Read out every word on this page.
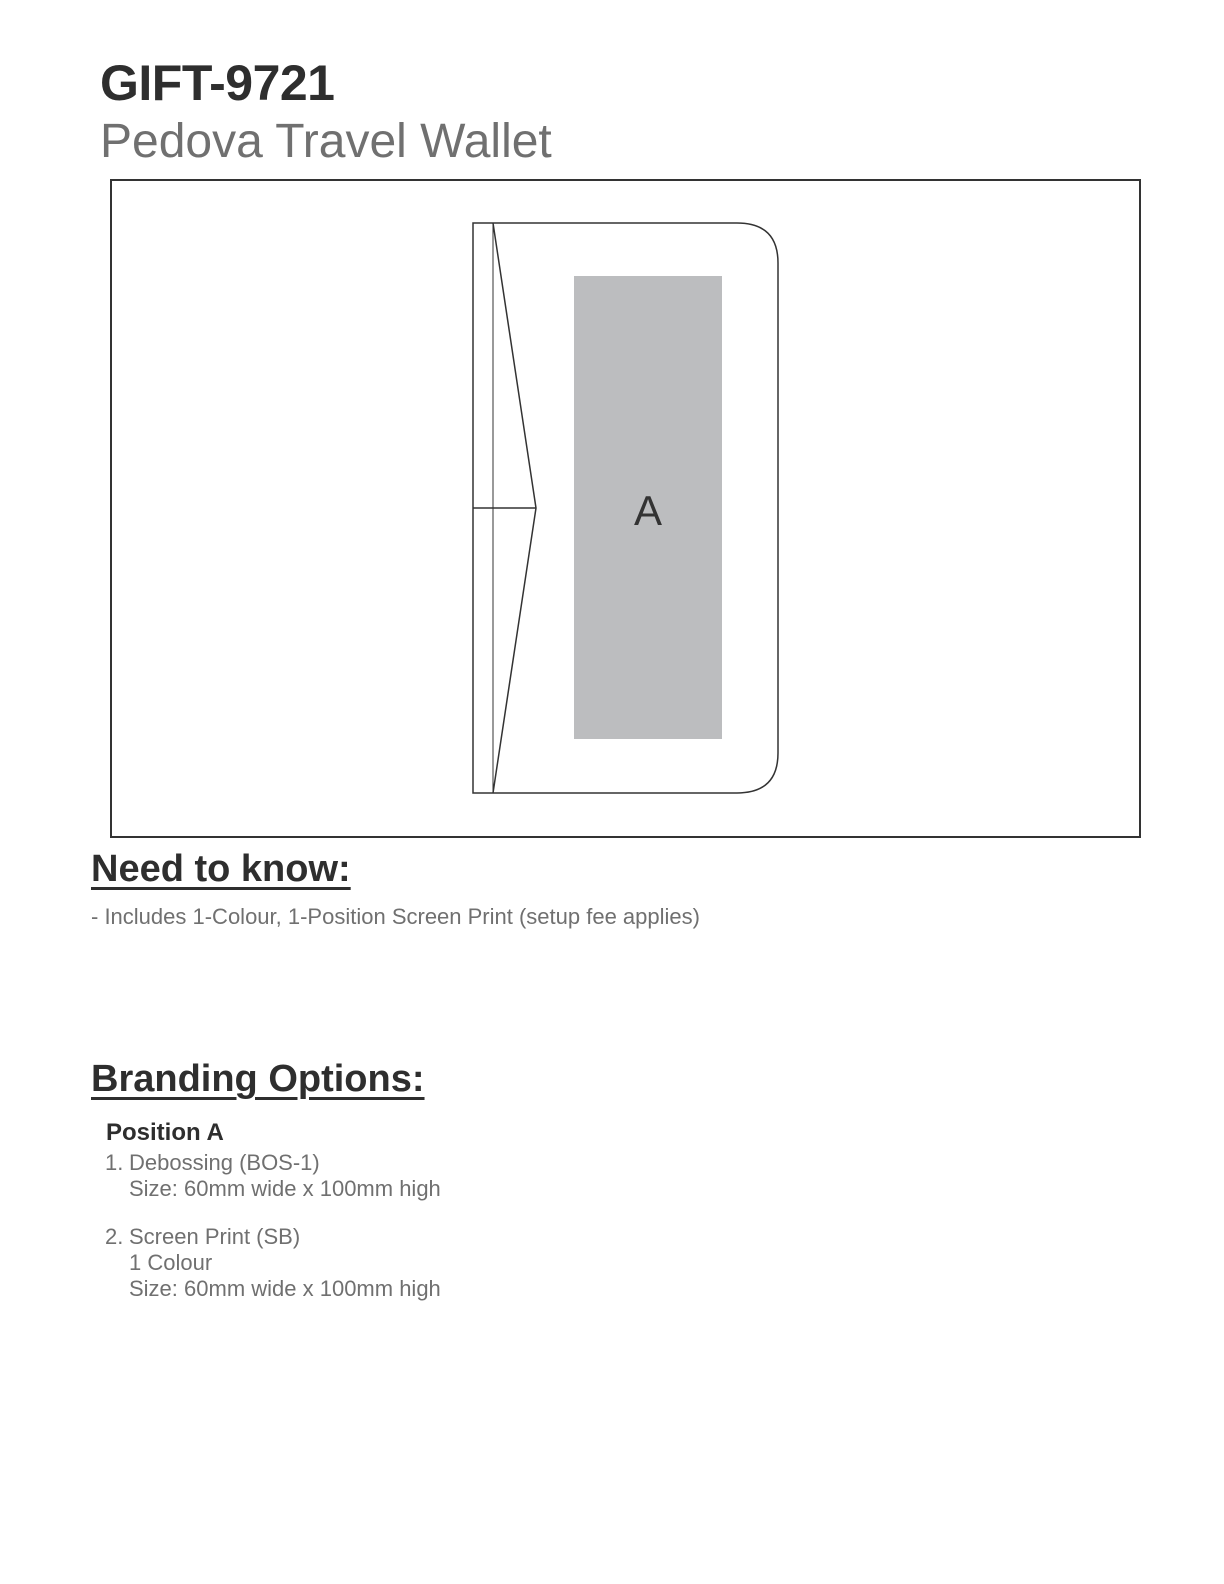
GIFT-9721
Pedova Travel Wallet
A
Need to know:
- Includes 1-Colour, 1-Position Screen Print (setup fee applies)
Branding Options:
Position A
1. Debossing (BOS-1)
Size: 60mm wide x 100mm high
2. Screen Print (SB)
1 Colour
Size: 60mm wide x 100mm high
